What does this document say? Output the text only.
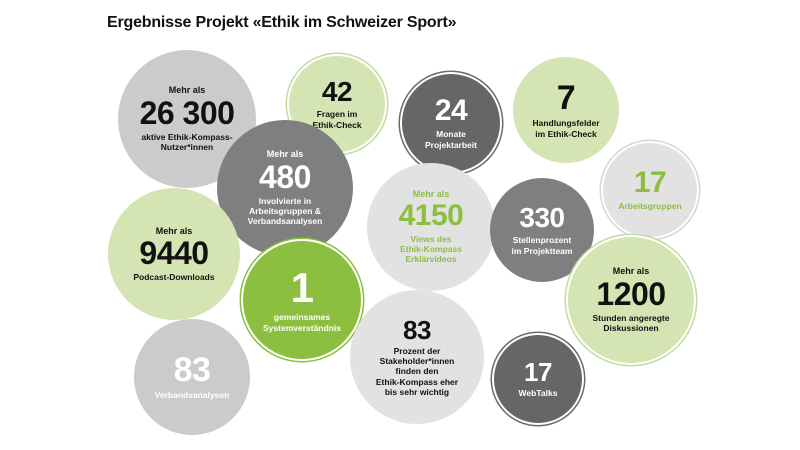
Ergebnisse Projekt «Ethik im Schweizer Sport»
Mehr als
26 300
aktive Ethik-Kompass-
Nutzer*innen
42
Fragen im
Ethik-Check 24
Monate
Projektarbeit
7
Handlungsfelder
im Ethik-Check
Mehr als
480
Involvierte in
Arbeitsgruppen &
Verbandsanalysen
17
Arbeitsgruppen
Mehr als
9440
Podcast-Downloads
Mehr als
4150
Views des
Ethik-Kompass
Erklärvideos
330
Stellenprozent
im Projektteam
Mehr als
1200
Stunden angeregte
Diskussionen
1
gemeinsames
Systemverständnis
83
Verbandsanalysen
83
Prozent der
Stakeholder*innen
finden den
Ethik-Kompass eher
bis sehr wichtig
17
WebTalks
